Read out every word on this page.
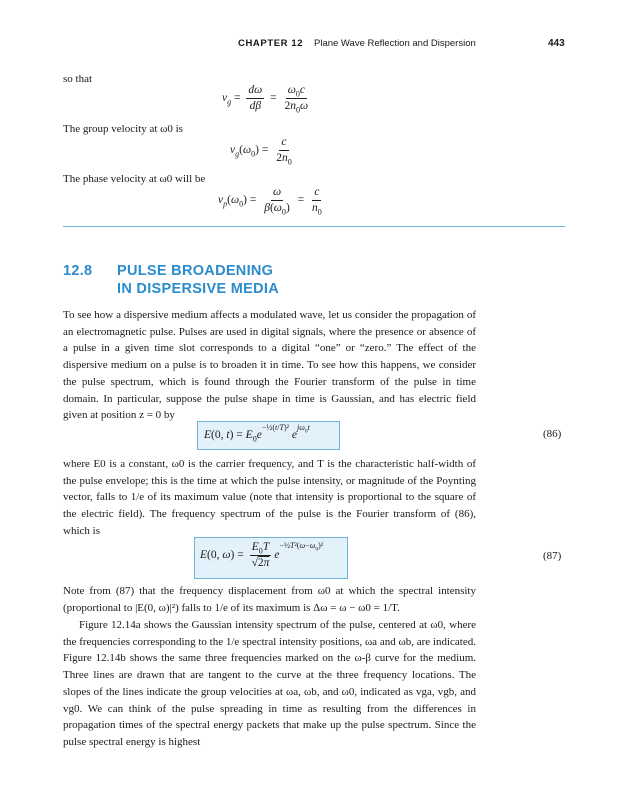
CHAPTER 12 Plane Wave Reflection and Dispersion	443
so that
$v_g = \frac{d\omega}{d\beta} = \frac{\omega_0c}{2n_0\omega}$
The group velocity at ω0 is
$v_g(\omega_0) = \frac{c}{2n_0}$
The phase velocity at ω0 will be
$v_p(\omega_0) = \frac{\omega}{\beta(\omega_0)} = \frac{c}{n_0}$
12.8 PULSE BROADENING
IN DISPERSIVE MEDIA

To see how a dispersive medium affects a modulated wave, let us consider the propagation of an electromagnetic pulse. Pulses are used in digital signals, where the presence or absence of a pulse in a given time slot corresponds to a digital “one” or “zero.” The effect of the dispersive medium on a pulse is to broaden it in time. To see how this happens, we consider the pulse spectrum, which is found through the Fourier transform of the pulse in time domain. In particular, suppose the pulse shape in time is Gaussian, and has electric field given at position z = 0 by

E(0, $t) = E_0e^{-\frac{1}{2}(t/T)^2}$ $e^{j\omega_0t}$
(86)

where E0 is a constant, ω0 is the carrier frequency, and T is the characteristic half-width of the pulse envelope; this is the time at which the pulse intensity, or magnitude of the Poynting vector, falls to 1/e of its maximum value (note that intensity is proportional to the square of the electric field). The frequency spectrum of the pulse is the Fourier transform of (86), which is

E(0, $\omega) = \frac{E_0T}{√2\pi} e^{-\frac{1}{2}T^2(\omega-\omega_0)^2}$
(87)

Note from (87) that the frequency displacement from ω0 at which the spectral intensity (proportional to |E(0, ω)|²) falls to 1/e of its maximum is Δω = ω − ω0 = 1/T.

Figure 12.14a shows the Gaussian intensity spectrum of the pulse, centered at ω0, where the frequencies corresponding to the 1/e spectral intensity positions, ωa and ωb, are indicated. Figure 12.14b shows the same three frequencies marked on the ω-β curve for the medium. Three lines are drawn that are tangent to the curve at the three frequency locations. The slopes of the lines indicate the group velocities at ωa, ωb, and ω0, indicated as vga, vgb, and vg0. We can think of the pulse spreading in time as resulting from the differences in propagation times of the spectral energy packets that make up the pulse spectrum. Since the pulse spectral energy is highest
